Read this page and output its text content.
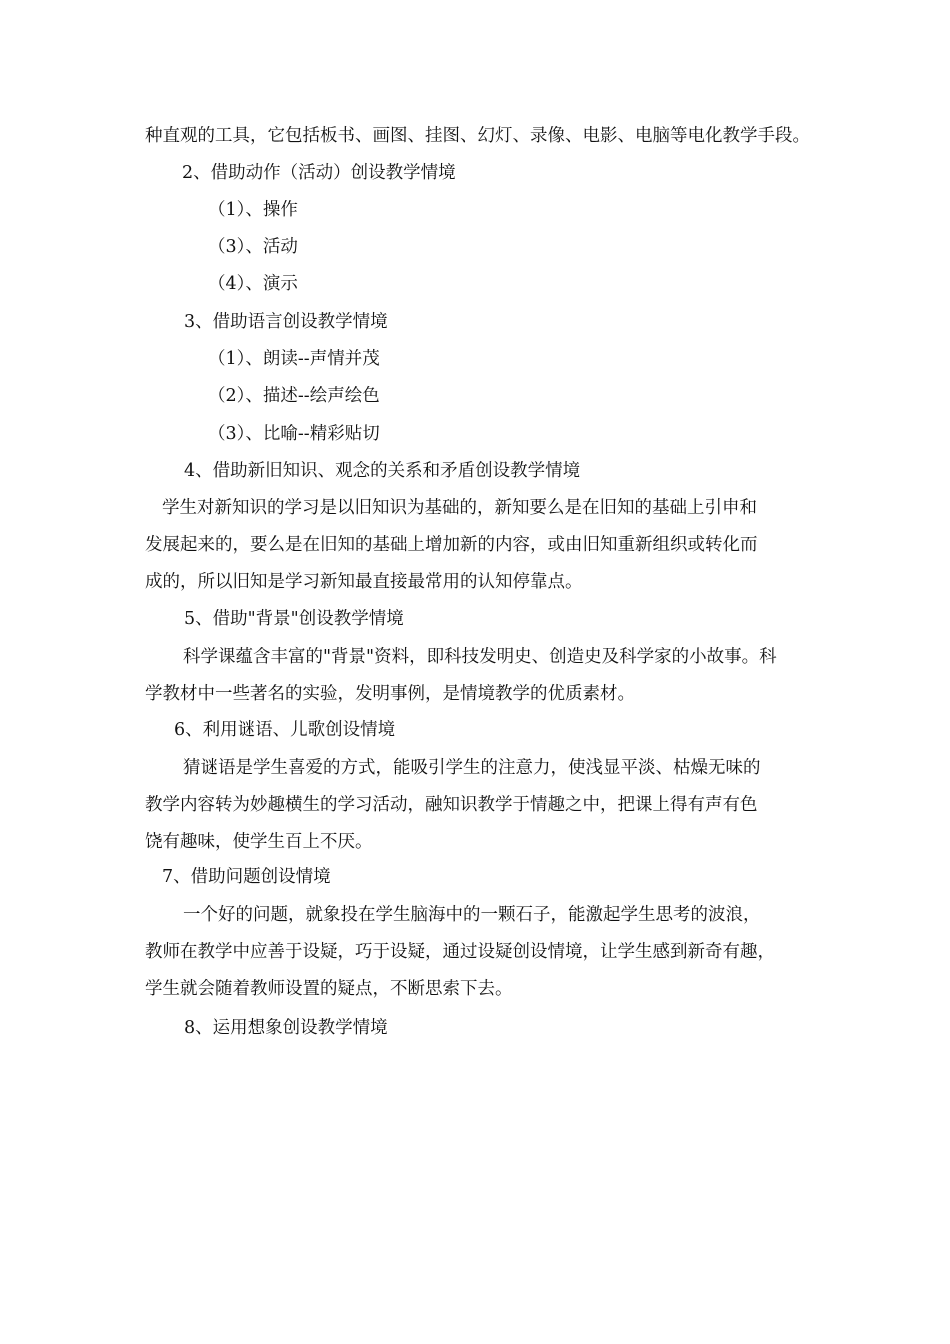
种直观的工具，它包括板书、画图、挂图、幻灯、录像、电影、电脑等电化教学手段。
2、借助动作（活动）创设教学情境
（1）、操作
（3）、活动
（4）、演示
3、借助语言创设教学情境
（1）、朗读--声情并茂
（2）、描述--绘声绘色
（3）、比喻--精彩贴切
4、借助新旧知识、观念的关系和矛盾创设教学情境
学生对新知识的学习是以旧知识为基础的，新知要么是在旧知的基础上引申和
发展起来的，要么是在旧知的基础上增加新的内容，或由旧知重新组织或转化而
成的，所以旧知是学习新知最直接最常用的认知停靠点。
5、借助"背景"创设教学情境
科学课蕴含丰富的"背景"资料，即科技发明史、创造史及科学家的小故事。科
学教材中一些著名的实验，发明事例，是情境教学的优质素材。
6、利用谜语、儿歌创设情境
猜谜语是学生喜爱的方式，能吸引学生的注意力，使浅显平淡、枯燥无味的
教学内容转为妙趣横生的学习活动，融知识教学于情趣之中，把课上得有声有色
饶有趣味，使学生百上不厌。
7、借助问题创设情境
一个好的问题，就象投在学生脑海中的一颗石子，能激起学生思考的波浪，
教师在教学中应善于设疑，巧于设疑，通过设疑创设情境，让学生感到新奇有趣，
学生就会随着教师设置的疑点，不断思索下去。
8、运用想象创设教学情境
